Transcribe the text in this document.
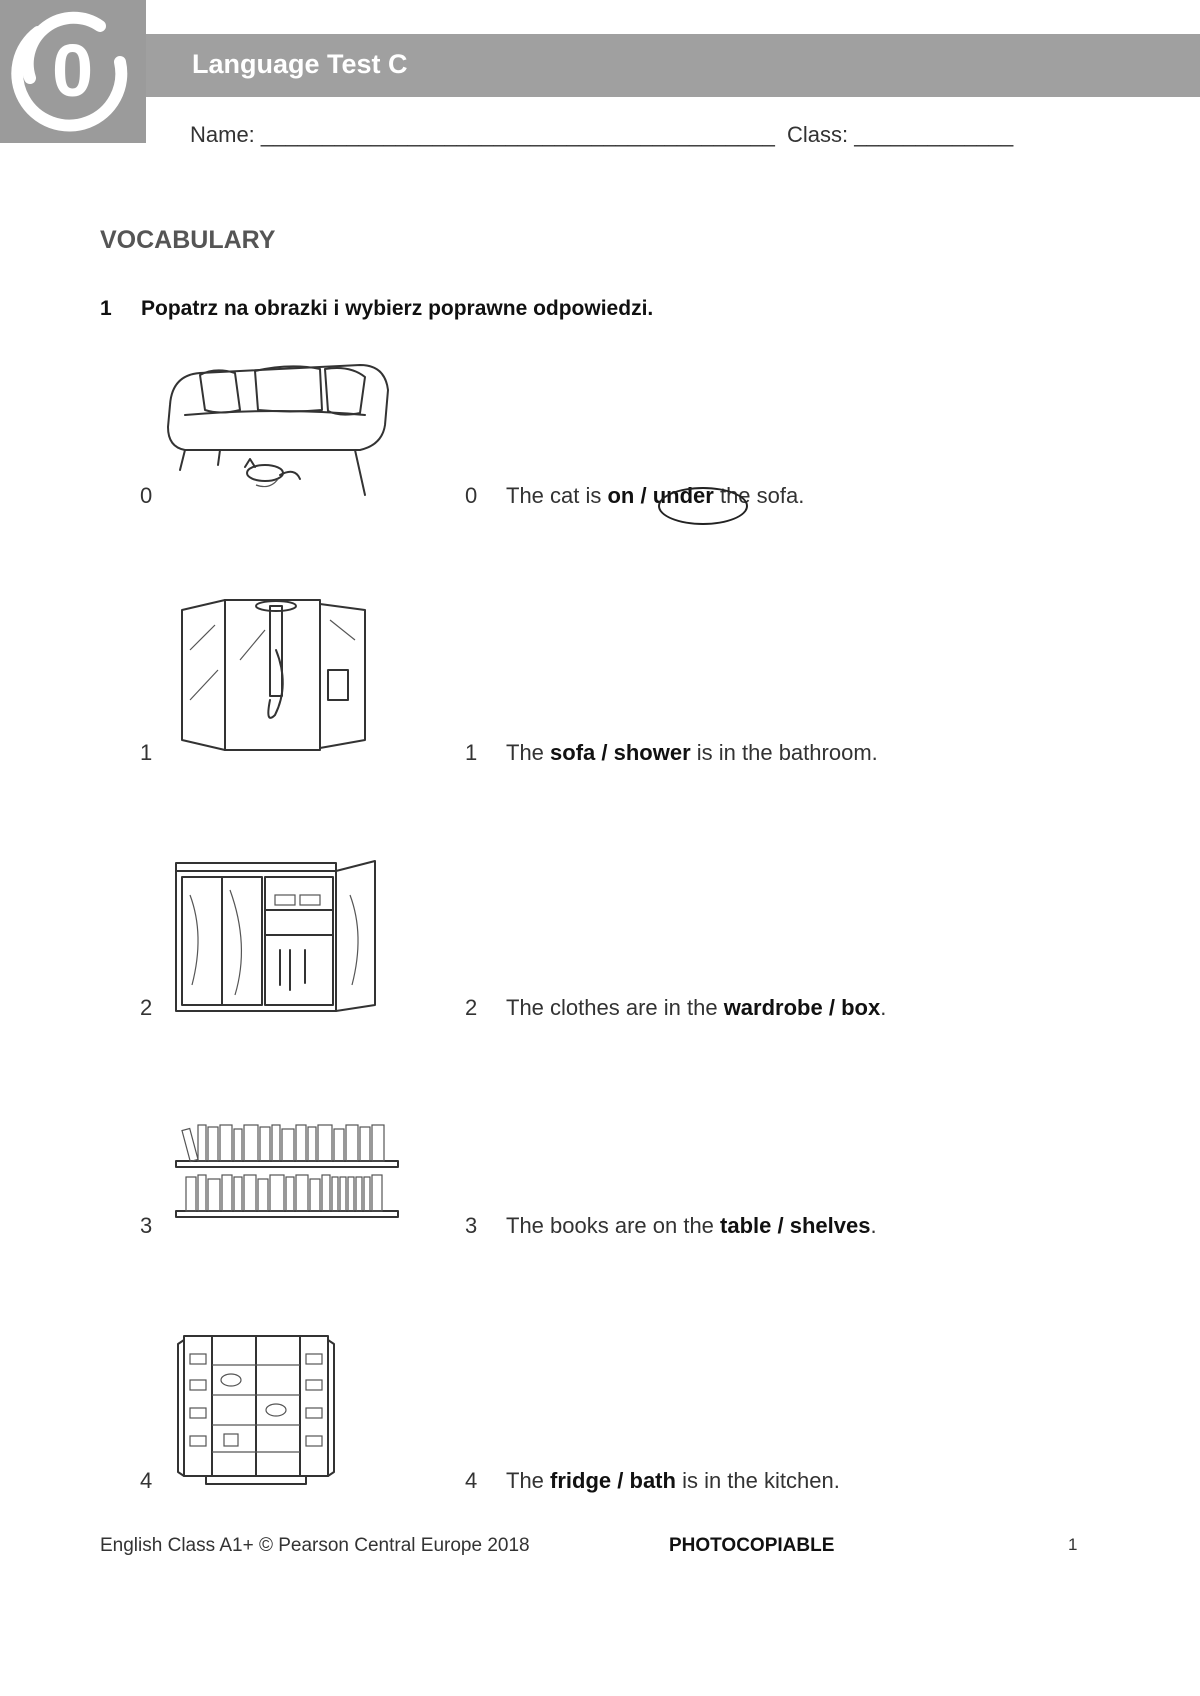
0	Language Test C
Name: __________________________________________ Class: _____________
VOCABULARY
1 Popatrz na obrazki i wybierz poprawne odpowiedzi.
0	0 The cat is on / under the sofa.
1	1 The sofa / shower is in the bathroom.
2	2 The clothes are in the wardrobe / box.
3	3 The books are on the table / shelves.
4	4 The fridge / bath is in the kitchen.
English Class A1+ © Pearson Central Europe 2018	PHOTOCOPIABLE	1
